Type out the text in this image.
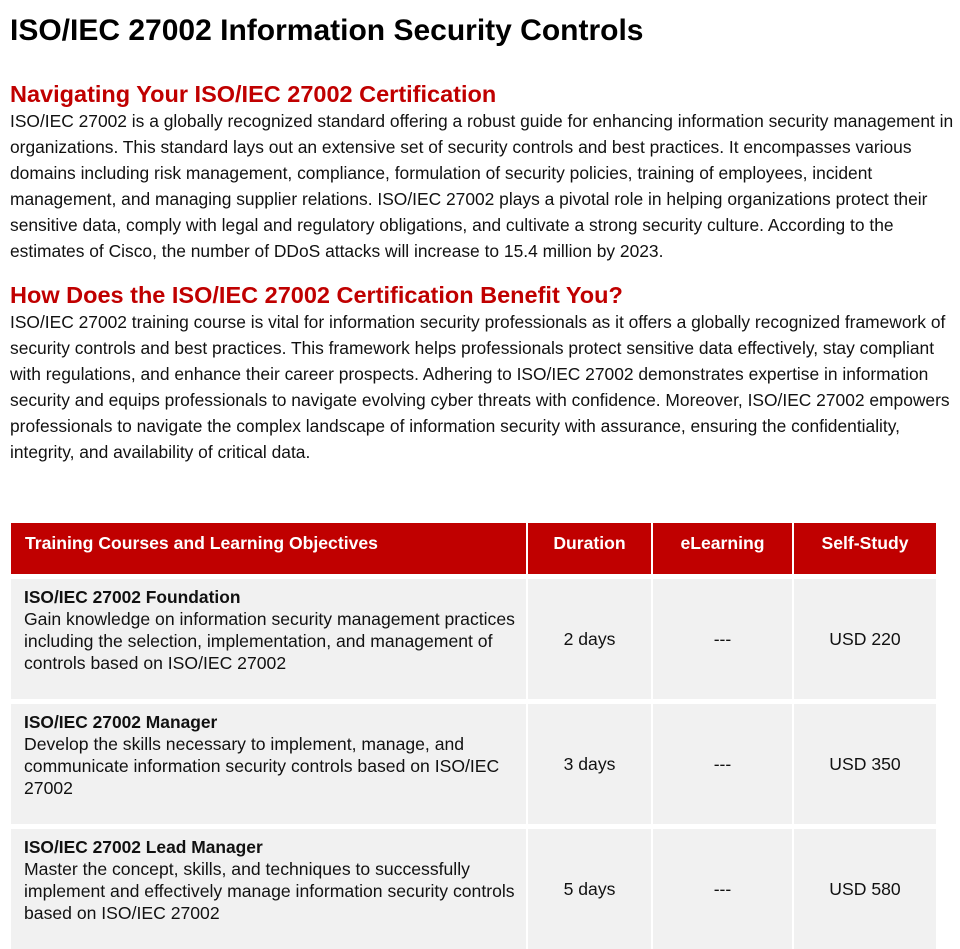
ISO/IEC 27002 Information Security Controls
Navigating Your ISO/IEC 27002 Certification

ISO/IEC 27002 is a globally recognized standard offering a robust guide for enhancing information security management in organizations. This standard lays out an extensive set of security controls and best practices. It encompasses various domains including risk management, compliance, formulation of security policies, training of employees, incident management, and managing supplier relations. ISO/IEC 27002 plays a pivotal role in helping organizations protect their sensitive data, comply with legal and regulatory obligations, and cultivate a strong security culture. According to the estimates of Cisco, the number of DDoS attacks will increase to 15.4 million by 2023.

How Does the ISO/IEC 27002 Certification Benefit You?

ISO/IEC 27002 training course is vital for information security professionals as it offers a globally recognized framework of security controls and best practices. This framework helps professionals protect sensitive data effectively, stay compliant with regulations, and enhance their career prospects. Adhering to ISO/IEC 27002 demonstrates expertise in information security and equips professionals to navigate evolving cyber threats with confidence. Moreover, ISO/IEC 27002 empowers professionals to navigate the complex landscape of information security with assurance, ensuring the confidentiality, integrity, and availability of critical data.

Training Courses and Learning Objectives	Duration	eLearning	Self-Study

ISO/IEC 27002 Foundation
Gain knowledge on information security management practices including the selection, implementation, and management of controls based on ISO/IEC 27002	2 days	---	USD 220

ISO/IEC 27002 Manager
Develop the skills necessary to implement, manage, and communicate information security controls based on ISO/IEC 27002	3 days	---	USD 350

ISO/IEC 27002 Lead Manager
Master the concept, skills, and techniques to successfully implement and effectively manage information security controls based on ISO/IEC 27002	5 days	---	USD 580
